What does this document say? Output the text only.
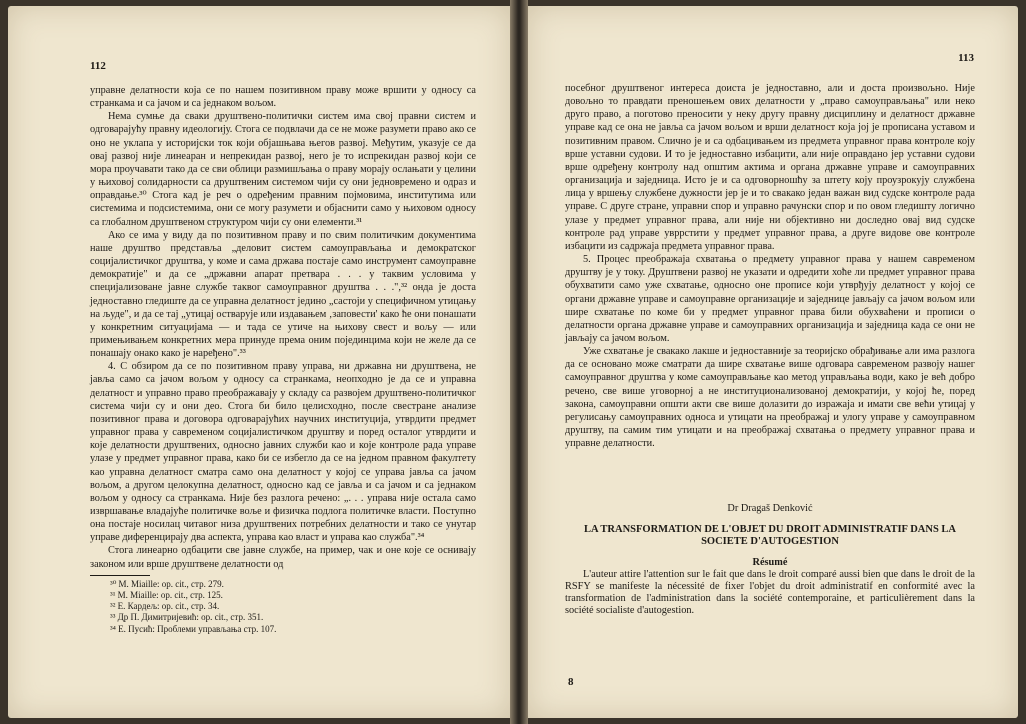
112

управне делатности која се по нашем позитивном праву може вршити у односу са странкама и са јачом и са једнаком вољом.

Нема сумње да сваки друштвено-политички систем има свој правни систем и одговарајућу правну идеологију. Стога се подвлачи да се не може разумети право ако се оно не уклапа у историјски ток који објашњава његов развој. Међутим, указује се да овај развој није линеаран и непрекидан развој, него је то испрекидан развој који се мора проучавати тако да се сви облици размишљања о праву морају ослањати у целини у њиховој солидарности са друштвеним системом чији су они једновремено и одраз и оправдање.³⁰ Стога кад је реч о одређеним правним појмовима, институтима или системима и подсистемима, они се могу разумети и објаснити само у њиховом односу са глобалном друштвеном структуром чији су они елементи.³¹

Ако се има у виду да по позитивном праву и по свим политичким документима наше друштво представља „деловит систем самоуправљања и демократског социјалистичког друштва, у коме и сама држава постаје само инструмент самоуправне демократије" и да се „државни апарат претвара . . . у таквим условима у специјализоване јавне службе таквог самоуправног друштва . . .",³² онда је доста једноставно гледиште да се управна делатност једино „састоји у специфичном утицању на људе", и да се тај „утицај остварује или издавањем ‚заповести' како ће они понашати у конкретним ситуацијама — и тада се утиче на њихову свест и вољу — или примењивањем конкретних мера принуде према оним појединцима који не желе да се понашају онако како је наређено".³³

4. С обзиром да се по позитивном праву управа, ни државна ни друштвена, не јавља само са јачом вољом у односу са странкама, неопходно је да се и управна делатност и управно право преображавају у складу са развојем друштвено-политичког система чији су и они део. Стога би било целисходно, после свестране анализе позитивног права и договора одговарајућих научних институција, утврдити предмет управног права у савременом социјалистичком друштву и поред осталог утврдити и које делатности друштвених, односно јавних служби као и које контроле рада управе улазе у предмет управног права, како би се избегло да се на једном правном факултету као управна делатност сматра само она делатност у којој се управа јавља са јачом вољом, а другом целокупна делатност, односно кад се јавља и са јачом и са једнаком вољом у односу са странкама. Није без разлога речено: „. . . управа није остала само извршавање владајуће политичке воље и физичка подлога политичке власти. Поступно она постаје носилац читавог низа друштвених потребних делатности и тако се унутар управе диференцирају два аспекта, управа као власт и управа као служба".³⁴

Стога линеарно одбацити све јавне службе, на пример, чак и оне које се оснивају законом или врше друштвене делатности од

³⁰ M. Miaille: op. cit., стр. 279.
³¹ M. Miaille: op. cit., стр. 125.
³² Е. Кардељ: op. cit., стр. 34.
³³ Др П. Димитријевић: op. cit., стр. 351.
³⁴ Е. Пусић: Проблеми управљања стр. 107.
113

посебног друштвеног интереса доиста је једноставно, али и доста произвољно. Није довољно то правдати преношењем ових делатности у „право самоуправљања" или неко друго право, а поготово преносити у неку другу правну дисциплину и делатност државне управе кад се она не јавља са јачом вољом и врши делатност која јој је прописана уставом и позитивним правом. Слично је и са одбацивањем из предмета управног права контроле коју врше уставни судови. И то је једноставно избацити, али није оправдано јер уставни судови врше одређену контролу над општим актима и органа државне управе и самоуправних организација и заједница. Исто је и са одговорношћу за штету коју проузрокују службена лица у вршењу службене дужности јер је и то свакако један важан вид судске контроле рада управе. С друге стране, управни спор и управно рачунски спор и по овом гледишту логично улазе у предмет управног права, али није ни објективно ни доследно овај вид судске контроле рад управе увррстити у предмет управног права, а друге видове ове контроле избацити из садржаја предмета управног права.

5. Процес преображаја схватања о предмету управног права у нашем савременом друштву је у току. Друштвени развој не указати и одредити хоће ли предмет управног права обухватити само уже схватање, односно оне прописе који утврђују делатност у којој се органи државне управе и самоуправне организације и заједнице јављају са јачом вољом или шире схватање по коме би у предмет управног права били обухваћени и прописи о делатности органа државне управе и самоуправних организација и заједница када се они не јављају са јачом вољом.

Уже схватање је свакако лакше и једноставније за теоријско обрађивање али има разлога да се основано може сматрати да шире схватање више одговара савременом развоју нашег самоуправног друштва у коме самоуправљање као метод управљања води, како је већ добро речено, све више уговорној а не институционализованој демократији, у којој ће, поред закона, самоуправни општи акти све више долазити до изражаја и имати све већи утицај у регулисању самоуправних односа и утицати на преображај и улогу управе у самоуправном друштву, па самим тим утицати и на преображај схватања о предмету управног права и управне делатности.

Dr Dragaš Denković
LA TRANSFORMATION DE L'OBJET DU DROIT ADMINISTRATIF DANS LA SOCIETE D'AUTOGESTION
Résumé

L'auteur attire l'attention sur le fait que dans le droit comparé aussi bien que dans le droit de la RSFY se manifeste la nécessité de fixer l'objet du droit administratif en conformité avec la transformation de l'administration dans la société contemporaine, et particulièrement dans la société socialiste d'autogestion.

8
